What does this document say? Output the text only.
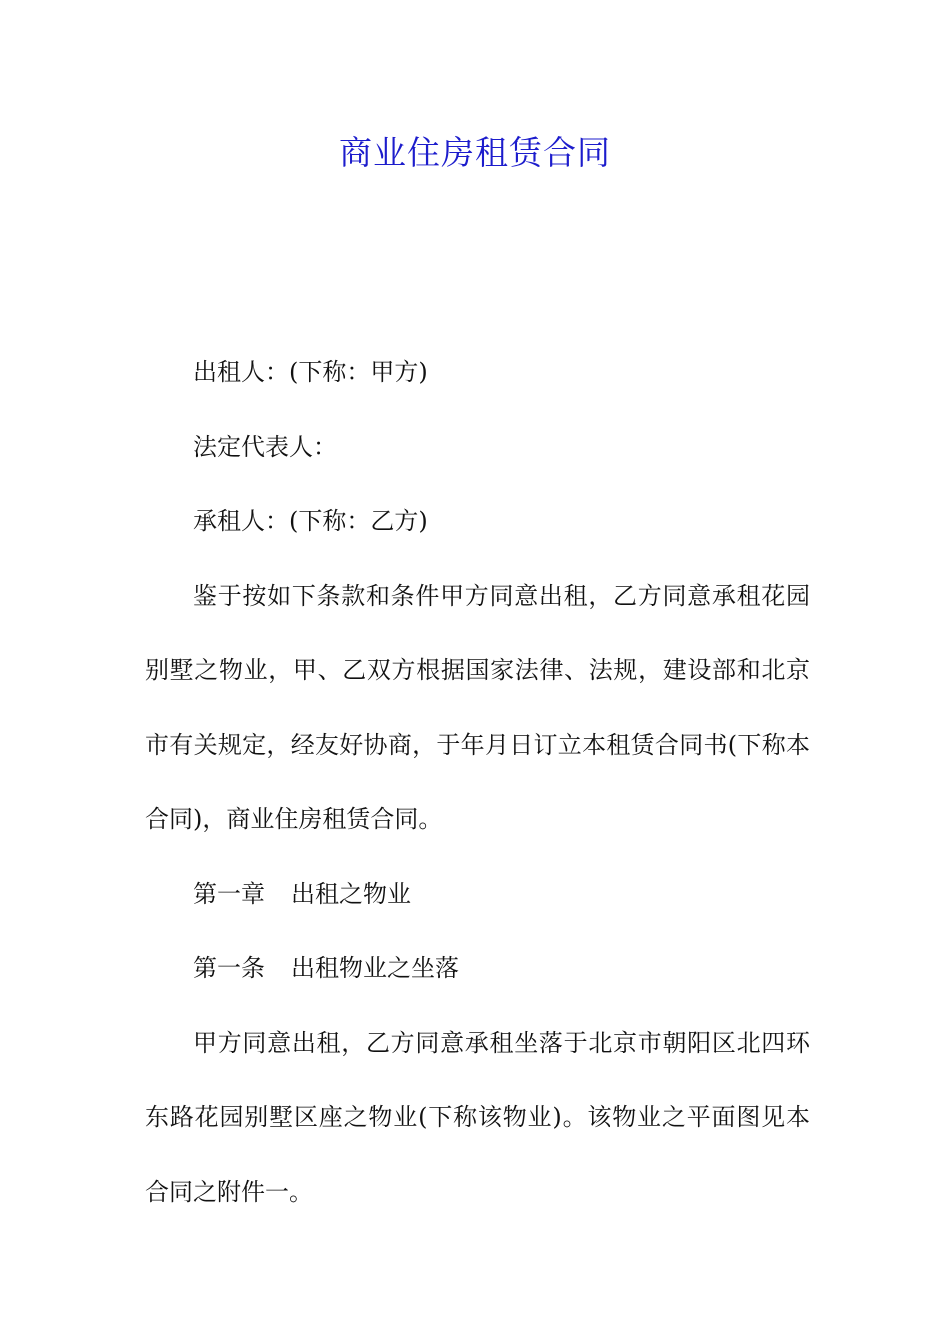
商业住房租赁合同

出租人：(下称：甲方)

法定代表人：

承租人：(下称：乙方)

鉴于按如下条款和条件甲方同意出租，乙方同意承租花园别墅之物业，甲、乙双方根据国家法律、法规，建设部和北京市有关规定，经友好协商，于年月日订立本租赁合同书(下称本合同)，商业住房租赁合同。

第一章 出租之物业

第一条 出租物业之坐落

甲方同意出租，乙方同意承租坐落于北京市朝阳区北四环东路花园别墅区座之物业(下称该物业)。该物业之平面图见本合同之附件一。
